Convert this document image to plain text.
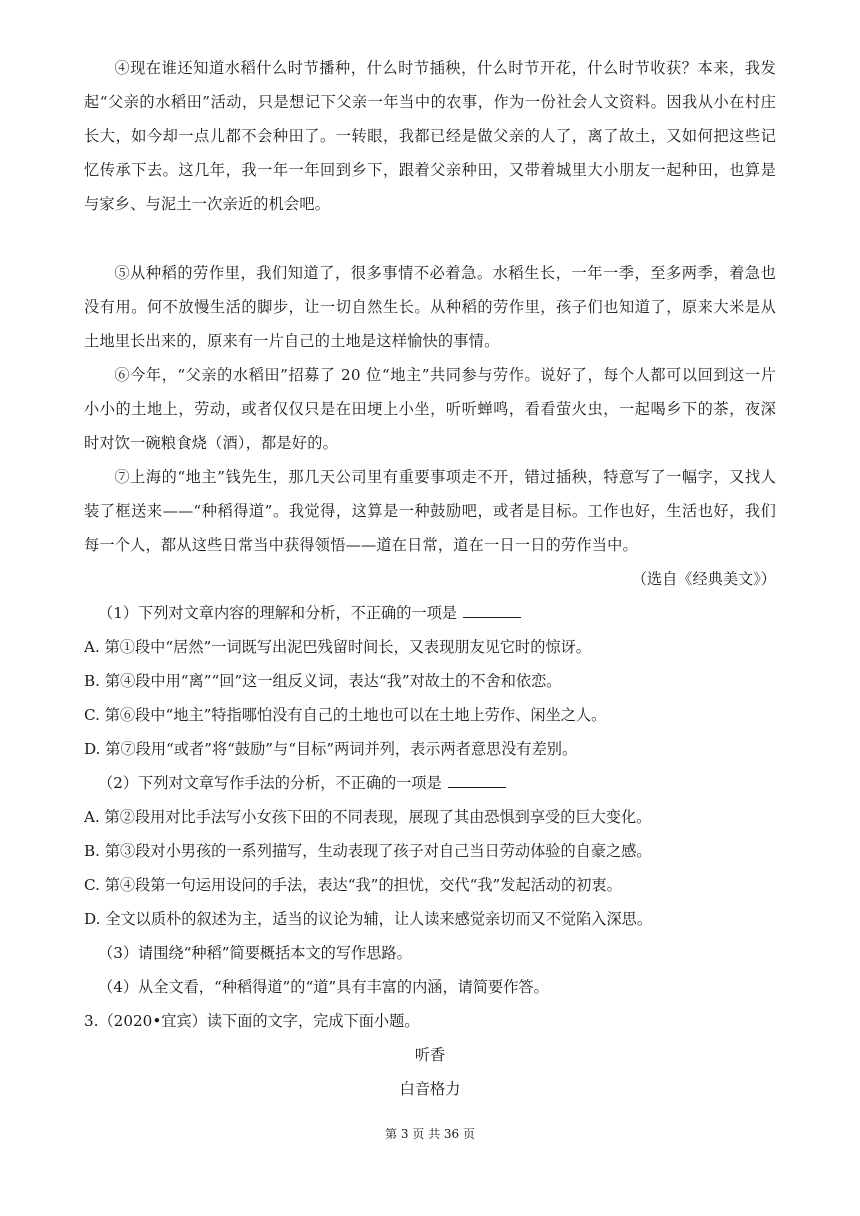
④现在谁还知道水稻什么时节播种，什么时节插秧，什么时节开花，什么时节收获？本来，我发起“父亲的水稻田”活动，只是想记下父亲一年当中的农事，作为一份社会人文资料。因我从小在村庄长大，如今却一点儿都不会种田了。一转眼，我都已经是做父亲的人了，离了故土，又如何把这些记忆传承下去。这几年，我一年一年回到乡下，跟着父亲种田，又带着城里大小朋友一起种田，也算是与家乡、与泥土一次亲近的机会吧。

⑤从种稻的劳作里，我们知道了，很多事情不必着急。水稻生长，一年一季，至多两季，着急也没有用。何不放慢生活的脚步，让一切自然生长。从种稻的劳作里，孩子们也知道了，原来大米是从土地里长出来的，原来有一片自己的土地是这样愉快的事情。

⑥今年，“父亲的水稻田”招募了 20 位“地主”共同参与劳作。说好了，每个人都可以回到这一片小小的土地上，劳动，或者仅仅只是在田埂上小坐，听听蝉鸣，看看萤火虫，一起喝乡下的茶，夜深时对饮一碗粮食烧（酒），都是好的。

⑦上海的“地主”钱先生，那几天公司里有重要事项走不开，错过插秧，特意写了一幅字，又找人装了框送来——“种稻得道”。我觉得，这算是一种鼓励吧，或者是目标。工作也好，生活也好，我们每一个人，都从这些日常当中获得领悟——道在日常，道在一日一日的劳作当中。

（选自《经典美文》）
（1）下列对文章内容的理解和分析，不正确的一项是
A. 第①段中“居然”一词既写出泥巴残留时间长，又表现朋友见它时的惊讶。
B. 第④段中用“离”“回”这一组反义词，表达“我”对故土的不舍和依恋。
C. 第⑥段中“地主”特指哪怕没有自己的土地也可以在土地上劳作、闲坐之人。
D. 第⑦段用“或者”将“鼓励”与“目标”两词并列，表示两者意思没有差别。
（2）下列对文章写作手法的分析，不正确的一项是
A. 第②段用对比手法写小女孩下田的不同表现，展现了其由恐惧到享受的巨大变化。
B. 第③段对小男孩的一系列描写，生动表现了孩子对自己当日劳动体验的自豪之感。
C. 第④段第一句运用设问的手法，表达“我”的担忧，交代“我”发起活动的初衷。
D. 全文以质朴的叙述为主，适当的议论为辅，让人读来感觉亲切而又不觉陷入深思。
（3）请围绕“种稻”简要概括本文的写作思路。
（4）从全文看，“种稻得道”的“道”具有丰富的内涵，请简要作答。
3.（2020•宜宾）读下面的文字，完成下面小题。
听香
白音格力
第 3 页 共 36 页
